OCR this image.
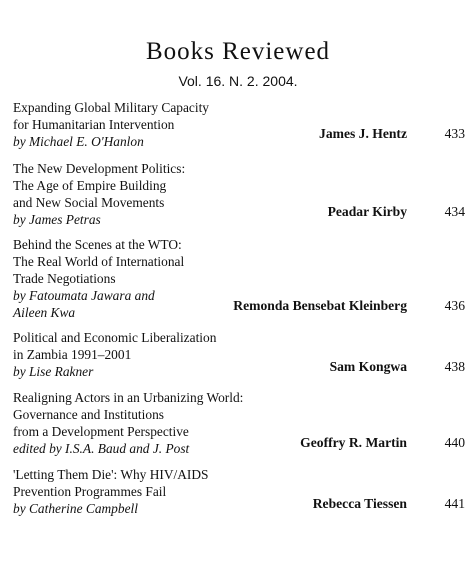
Books Reviewed
Vol. 16. N. 2. 2004.
Expanding Global Military Capacity
for Humanitarian Intervention
by Michael E. O'Hanlon
James J. Hentz	433
The New Development Politics:
The Age of Empire Building
and New Social Movements
by James Petras
Peadar Kirby	434
Behind the Scenes at the WTO:
The Real World of International
Trade Negotiations
by Fatoumata Jawara and
Aileen Kwa	Remonda Bensebat Kleinberg	436
Political and Economic Liberalization
in Zambia 1991–2001
by Lise Rakner	Sam Kongwa	438
Realigning Actors in an Urbanizing World:
Governance and Institutions
from a Development Perspective
edited by I.S.A. Baud and J. Post	Geoffry R. Martin	440
'Letting Them Die': Why HIV/AIDS
Prevention Programmes Fail
by Catherine Campbell	Rebecca Tiessen	441
